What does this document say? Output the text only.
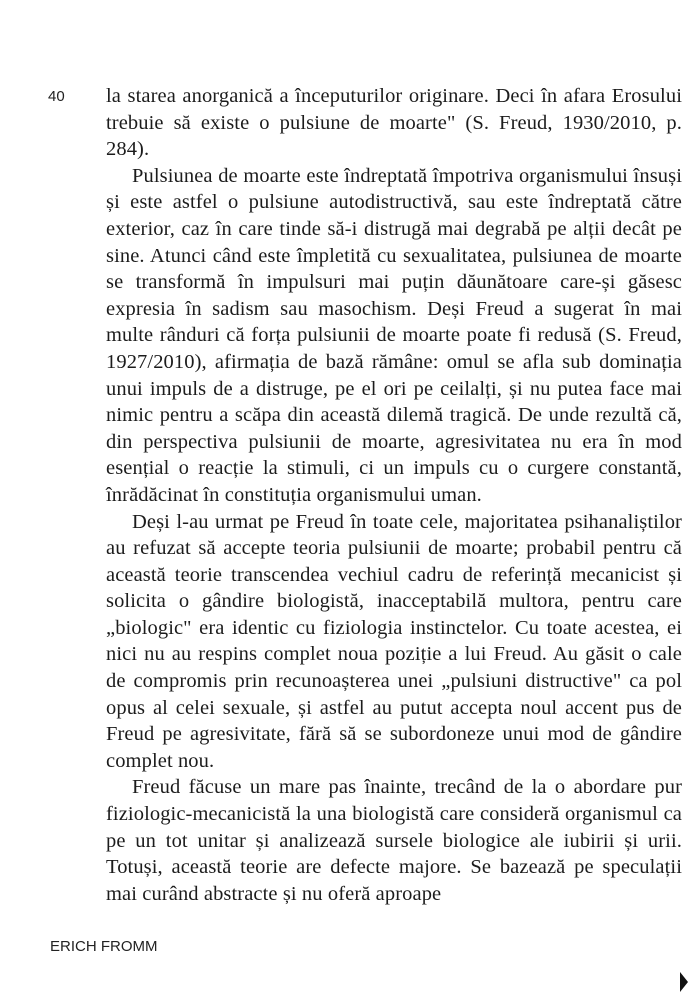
40 la starea anorganică a începuturilor originare. Deci în afara Erosului trebuie să existe o pulsiune de moarte" (S. Freud, 1930/2010, p. 284).

Pulsiunea de moarte este îndreptată împotriva organismului însuși și este astfel o pulsiune autodistructivă, sau este îndreptată către exterior, caz în care tinde să-i distrugă mai degrabă pe alții decât pe sine. Atunci când este împletită cu sexualitatea, pulsiunea de moarte se transformă în impulsuri mai puțin dăunătoare care-și găsesc expresia în sadism sau masochism. Deși Freud a sugerat în mai multe rânduri că forța pulsiunii de moarte poate fi redusă (S. Freud, 1927/2010), afirmația de bază rămâne: omul se afla sub dominația unui impuls de a distruge, pe el ori pe ceilalți, și nu putea face mai nimic pentru a scăpa din această dilemă tragică. De unde rezultă că, din perspectiva pulsiunii de moarte, agresivitatea nu era în mod esențial o reacție la stimuli, ci un impuls cu o curgere constantă, înrădăcinat în constituția organismului uman.

Deși l-au urmat pe Freud în toate cele, majoritatea psihanaliștilor au refuzat să accepte teoria pulsiunii de moarte; probabil pentru că această teorie transcendea vechiul cadru de referință mecanicist și solicita o gândire biologistă, inacceptabilă multora, pentru care „biologic" era identic cu fiziologia instinctelor. Cu toate acestea, ei nici nu au respins complet noua poziție a lui Freud. Au găsit o cale de compromis prin recunoașterea unei „pulsiuni distructive" ca pol opus al celei sexuale, și astfel au putut accepta noul accent pus de Freud pe agresivitate, fără să se subordoneze unui mod de gândire complet nou.

Freud făcuse un mare pas înainte, trecând de la o abordare pur fiziologic-mecanicistă la una biologistă care consideră organismul ca pe un tot unitar și analizează sursele biologice ale iubirii și urii. Totuși, această teorie are defecte majore. Se bazează pe speculații mai curând abstracte și nu oferă aproape

ERICH FROMM
